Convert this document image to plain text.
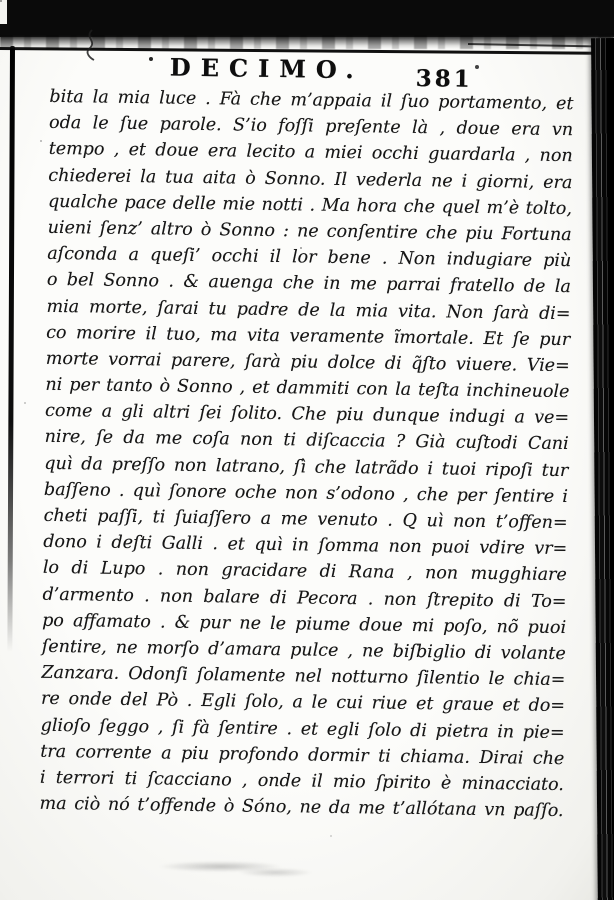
DECIMO. 381
bita la mia luce . Fà che m’appaia il ſuo portamento, et
oda le ſue parole. S’io foſſi preſente là , doue era vn
tempo , et doue era lecito a miei occhi guardarla , non
chiederei la tua aita ò Sonno. Il vederla ne i giorni, era
qualche pace delle mie notti . Ma hora che quel m’è tolto,
uieni ſenz’ altro ò Sonno : ne conſentire che piu Fortuna
aſconda a queſi’ occhi il lor bene . Non indugiare più
o bel Sonno . & auenga che in me parrai fratello de la
mia morte, ſarai tu padre de la mia vita. Non ſarà di=
co morire il tuo, ma vita veramente ĩmortale. Et ſe pur
morte vorrai parere, ſarà piu dolce di q̃ſto viuere. Vie=
ni per tanto ò Sonno , et dammiti con la teſta inchineuole
come a gli altri ſei ſolito. Che piu dunque indugi a ve=
nire, ſe da me coſa non ti diſcaccia ? Già cuſtodi Cani
quì da preſſo non latrano, ſì che latrãdo i tuoi ripoſi tur
baſſeno . quì ſonore oche non s’odono , che per ſentire i
cheti paſſi, ti ſuiaſſero a me venuto . Q uì non t’offen=
dono i deſti Galli . et quì in ſomma non puoi vdire vr=
lo di Lupo . non gracidare di Rana , non mugghiare
d’armento . non balare di Pecora . non ſtrepito di To=
po affamato . & pur ne le piume doue mi poſo, nõ puoi
ſentire, ne morſo d’amara pulce , ne biſbiglio di volante
Zanzara. Odonſi ſolamente nel notturno ſilentio le chia=
re onde del Pò . Egli ſolo, a le cui riue et graue et do=
glioſo ſeggo , ſi fà ſentire . et egli ſolo di pietra in pie=
tra corrente a piu profondo dormir ti chiama. Dirai che
i terrori ti ſcacciano , onde il mio ſpirito è minacciato.
ma ciò nó t’offende ò Sóno, ne da me t’allótana vn paſſo.
